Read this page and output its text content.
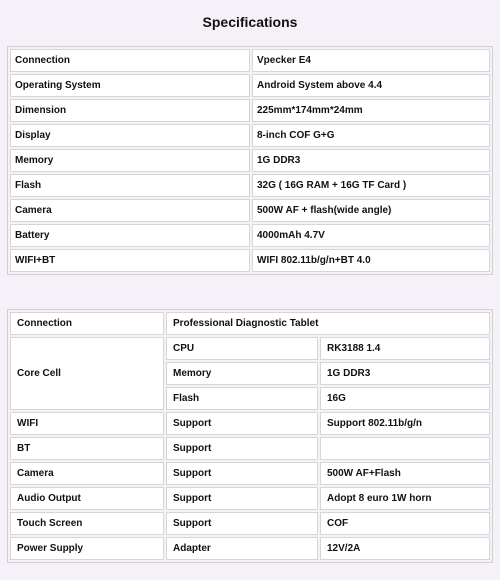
Specifications
Connection	Vpecker E4
Operating System	Android System above 4.4
Dimension	225mm*174mm*24mm
Display	8-inch COF G+G
Memory	1G DDR3
Flash	32G ( 16G RAM + 16G TF Card )
Camera	500W AF + flash(wide angle)
Battery	4000mAh 4.7V
WIFI+BT	WIFI 802.11b/g/n+BT 4.0
Connection	Professional Diagnostic Tablet	
Core Cell	CPU	RK3188 1.4
	Memory	1G DDR3
	Flash	16G
WIFI	Support	Support 802.11b/g/n
BT	Support	
Camera	Support	500W AF+Flash
Audio Output	Support	Adopt 8 euro 1W horn
Touch Screen	Support	COF
Power Supply	Adapter	12V/2A
